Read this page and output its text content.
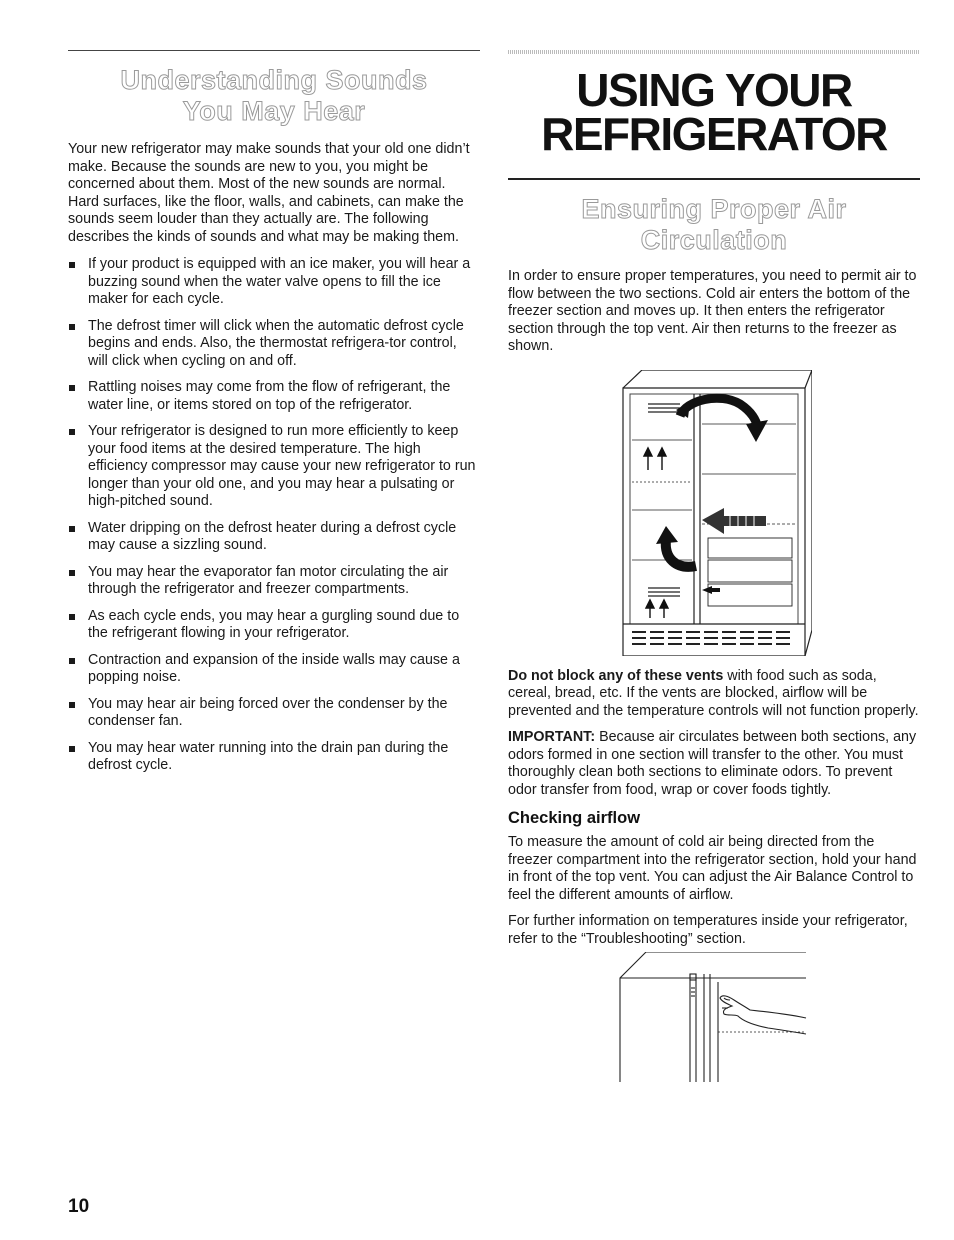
Understanding Sounds
You May Hear

Your new refrigerator may make sounds that your old one didn’t make. Because the sounds are new to you, you might be concerned about them. Most of the new sounds are normal. Hard surfaces, like the floor, walls, and cabinets, can make the sounds seem louder than they actually are. The following describes the kinds of sounds and what may be making them.

If your product is equipped with an ice maker, you will hear a buzzing sound when the water valve opens to fill the ice maker for each cycle.
The defrost timer will click when the automatic defrost cycle begins and ends. Also, the thermostat refrigera-tor control, will click when cycling on and off.
Rattling noises may come from the flow of refrigerant, the water line, or items stored on top of the refrigerator.
Your refrigerator is designed to run more efficiently to keep your food items at the desired temperature. The high efficiency compressor may cause your new refrigerator to run longer than your old one, and you may hear a pulsating or high-pitched sound.
Water dripping on the defrost heater during a defrost cycle may cause a sizzling sound.
You may hear the evaporator fan motor circulating the air through the refrigerator and freezer compartments.
As each cycle ends, you may hear a gurgling sound due to the refrigerant flowing in your refrigerator.
Contraction and expansion of the inside walls may cause a popping noise.
You may hear air being forced over the condenser by the condenser fan.
You may hear water running into the drain pan during the defrost cycle.
USING YOUR
REFRIGERATOR
Ensuring Proper Air Circulation

In order to ensure proper temperatures, you need to permit air to flow between the two sections. Cold air enters the bottom of the freezer section and moves up. It then enters the refrigerator section through the top vent. Air then returns to the freezer as shown.

Do not block any of these vents with food such as soda, cereal, bread, etc. If the vents are blocked, airflow will be prevented and the temperature controls will not function properly.

IMPORTANT: Because air circulates between both sections, any odors formed in one section will transfer to the other. You must thoroughly clean both sections to eliminate odors. To prevent odor transfer from food, wrap or cover foods tightly.

Checking airflow

To measure the amount of cold air being directed from the freezer compartment into the refrigerator section, hold your hand in front of the top vent. You can adjust the Air Balance Control to feel the different amounts of airflow.

For further information on temperatures inside your refrigerator, refer to the “Troubleshooting” section.

10
